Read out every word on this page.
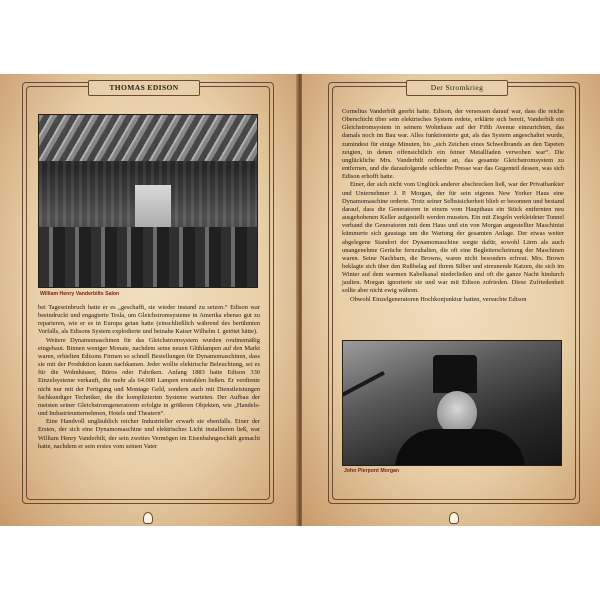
THOMAS EDISON
William Henry Vanderbilts Salon

bei Tageseinbruch hatte er es „geschafft, sie wieder instand zu setzen.“ Edison war beeindruckt und engagierte Tesla, um Gleichstromsysteme in Amerika ebenso gut zu reparieren, wie er es in Europa getan hatte (einschließlich während des berühmten Vorfalls, als Edisons System explodierte und beinahe Kaiser Wilhelm I. getötet hätte).

Weitere Dynamomaschinen für das Gleichstromsystem wurden routinemäßig eingebaut. Binnen weniger Monate, nachdem seine neuen Glühlampen auf den Markt waren, erhielten Edisons Firmen so schnell Bestellungen für Dynamomaschinen, dass sie mit der Produktion kaum nachkamen. Jeder wollte elektrische Beleuchtung, sei es für die Wohnhäuser, Büros oder Fabriken. Anfang 1883 hatte Edison 330 Einzelsysteme verkauft, die mehr als 64.000 Lampen erstrahlen ließen. Er verdiente nicht nur mit der Fertigung und Montage Geld, sondern auch mit Dienstleistungen fachkundiger Techniker, die die komplizierten Systeme warteten. Der Aufbau der meisten seiner Gleichstromgeneratoren erfolgte in größeren Objekten, wie „Handels- und Industrieunternehmen, Hotels und Theatern“.

Eine Handvoll ungläublich reicher Industrieller erwarb sie ebenfalls. Einer der Ersten, der sich eine Dynamomaschine und elektrisches Licht installieren ließ, war William Henry Vanderbilt, der sein zweites Vermögen im Eisenbahngeschäft gemacht hatte, nachdem er sein erstes vom seinen Vater

Der Stromkrieg

Cornelius Vanderbilt geerbt hatte. Edison, der versessen darauf war, dass die reiche Oberschicht über sein elektrisches System redete, erklärte sich bereit, Vanderbilt ein Gleichstromsystem in seinem Wohnhaus auf der Fifth Avenue einzurichten, das damals noch im Bau war. Alles funktionierte gut, als das System angeschaltet wurde, zumindest für einige Minuten, bis „sich Zeichen eines Schwelbrands an den Tapeten zeigten, in denen offensichtlich ein feiner Metallfaden verwoben war“. Die unglückliche Mrs. Vanderbilt ordnete an, das gesamte Gleichstromsystem zu entfernen, und die daraufolgende schlechte Presse war das Gegenteil dessen, was sich Edison erhofft hatte.

Einer, der sich nicht vom Unglück anderer abschrecken ließ, war der Privatbankier und Unternehmer J. P. Morgan, der für sein eigenes New Yorker Haus eine Dynamomaschine orderte. Trotz seiner Selbstsicherheit blieb er besonnen und bestand darauf, dass die Generatoren in einem vom Haupthaus ein Stück entfernten neu ausgehobenen Keller aufgestellt werden mussten. Ein mit Ziegeln verkleideter Tunnel verband die Generatoren mit dem Haus und ein von Morgan angestellter Maschinist kümmerte sich gaustags um die Wartung der gesamten Anlage. Der etwas weiter abgelegene Standort der Dynamomaschine sorgte dafür, sowohl Lärm als auch unangenehme Gerüche fernzuhalten, die oft eine Begleiterscheinung der Maschinen waren. Seine Nachbarn, die Browns, waren nicht besonders erfreut. Mrs. Brown beklagte sich über den Rußbelag auf ihrem Silber und streunende Katzen, die sich im Winter auf dem warmen Kabelkanal niederließen und oft die ganze Nacht hindurch jaulten. Morgan ignorierte sie und war mit Edison zufrieden. Diese Zufriedenheit sollte aber nicht ewig währen.

Obwohl Einzelgeneratoren Hochkonjunktur hatten, versuchte Edison

John Pierpont Morgan
